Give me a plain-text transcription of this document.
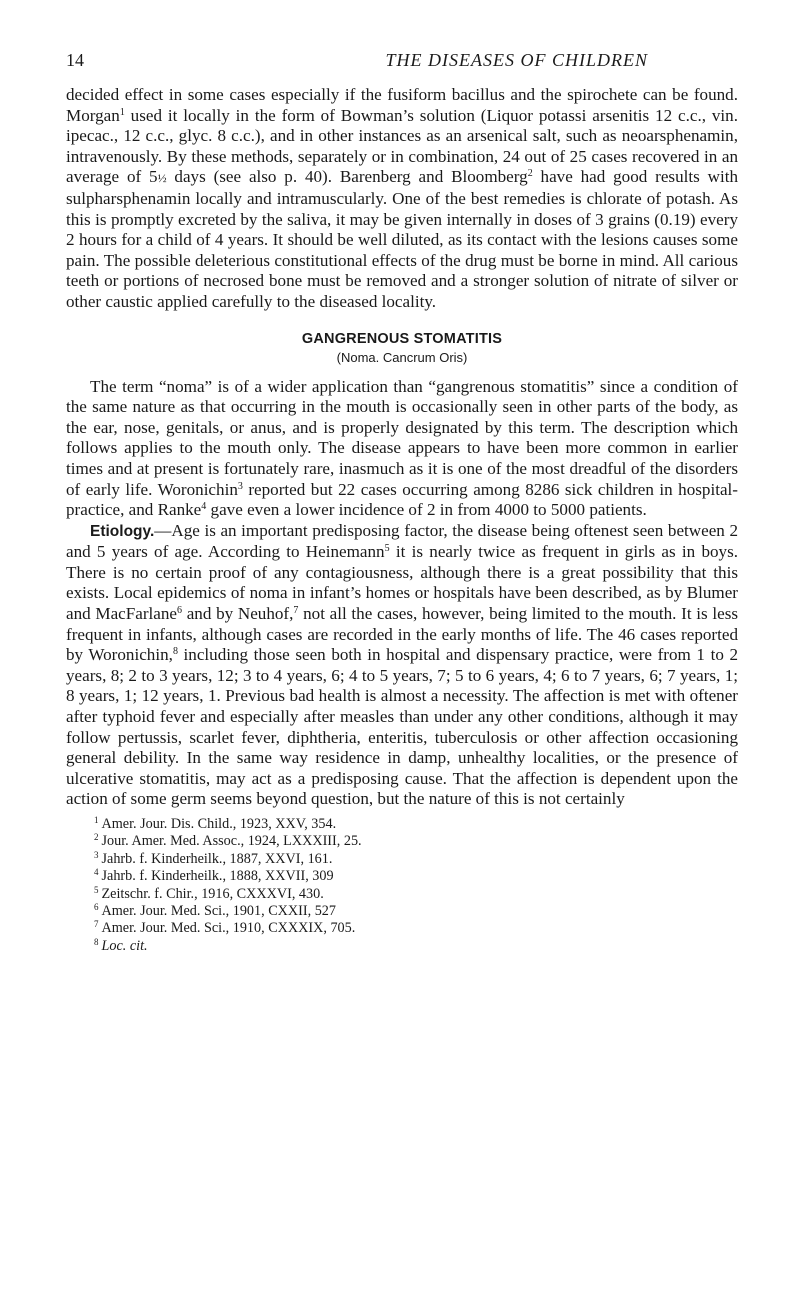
14	THE DISEASES OF CHILDREN

decided effect in some cases especially if the fusiform bacillus and the spirochete can be found. Morgan$^1$ used it locally in the form of Bowman’s solution (Liquor potassi arsenitis 12 c.c., vin. ipecac., 12 c.c., glyc. 8 c.c.), and in other instances as an arsenical salt, such as neoarsphenamin, intravenously. By these methods, separately or in combination, 24 out of 25 cases recovered in an average of 5½ days (see also p. 40). Barenberg and Bloomberg$^2$ have had good results with sulpharsphenamin locally and intramuscularly. One of the best remedies is chlorate of potash. As this is promptly excreted by the saliva, it may be given internally in doses of 3 grains (0.19) every 2 hours for a child of 4 years. It should be well diluted, as its contact with the lesions causes some pain. The possible deleterious constitutional effects of the drug must be borne in mind. All carious teeth or portions of necrosed bone must be removed and a stronger solution of nitrate of silver or other caustic applied carefully to the diseased locality.

GANGRENOUS STOMATITIS
(Noma. Cancrum Oris)

The term “noma” is of a wider application than “gangrenous stomatitis” since a condition of the same nature as that occurring in the mouth is occasionally seen in other parts of the body, as the ear, nose, genitals, or anus, and is properly designated by this term. The description which follows applies to the mouth only. The disease appears to have been more common in earlier times and at present is fortunately rare, inasmuch as it is one of the most dreadful of the disorders of early life. Woronichin$^3$ reported but 22 cases occurring among 8286 sick children in hospital-practice, and Ranke$^4$ gave even a lower incidence of 2 in from 4000 to 5000 patients.

Etiology.—Age is an important predisposing factor, the disease being oftenest seen between 2 and 5 years of age. According to Heinemann$^5$ it is nearly twice as frequent in girls as in boys. There is no certain proof of any contagiousness, although there is a great possibility that this exists. Local epidemics of noma in infant’s homes or hospitals have been described, as by Blumer and MacFarlane$^6$ and by Neuhof,$^7$ not all the cases, however, being limited to the mouth. It is less frequent in infants, although cases are recorded in the early months of life. The 46 cases reported by Woronichin,$^8$ including those seen both in hospital and dispensary practice, were from 1 to 2 years, 8; 2 to 3 years, 12; 3 to 4 years, 6; 4 to 5 years, 7; 5 to 6 years, 4; 6 to 7 years, 6; 7 years, 1; 8 years, 1; 12 years, 1. Previous bad health is almost a necessity. The affection is met with oftener after typhoid fever and especially after measles than under any other conditions, although it may follow pertussis, scarlet fever, diphtheria, enteritis, tuberculosis or other affection occasioning general debility. In the same way residence in damp, unhealthy localities, or the presence of ulcerative stomatitis, may act as a predisposing cause. That the affection is dependent upon the action of some germ seems beyond question, but the nature of this is not certainly

$^1$ Amer. Jour. Dis. Child., 1923, XXV, 354.
$^2$ Jour. Amer. Med. Assoc., 1924, LXXXIII, 25.
$^3$ Jahrb. f. Kinderheilk., 1887, XXVI, 161.
$^4$ Jahrb. f. Kinderheilk., 1888, XXVII, 309
$^5$ Zeitschr. f. Chir., 1916, CXXXVI, 430.
$^6$ Amer. Jour. Med. Sci., 1901, CXXII, 527
$^7$ Amer. Jour. Med. Sci., 1910, CXXXIX, 705.
$^8$ Loc. cit.
